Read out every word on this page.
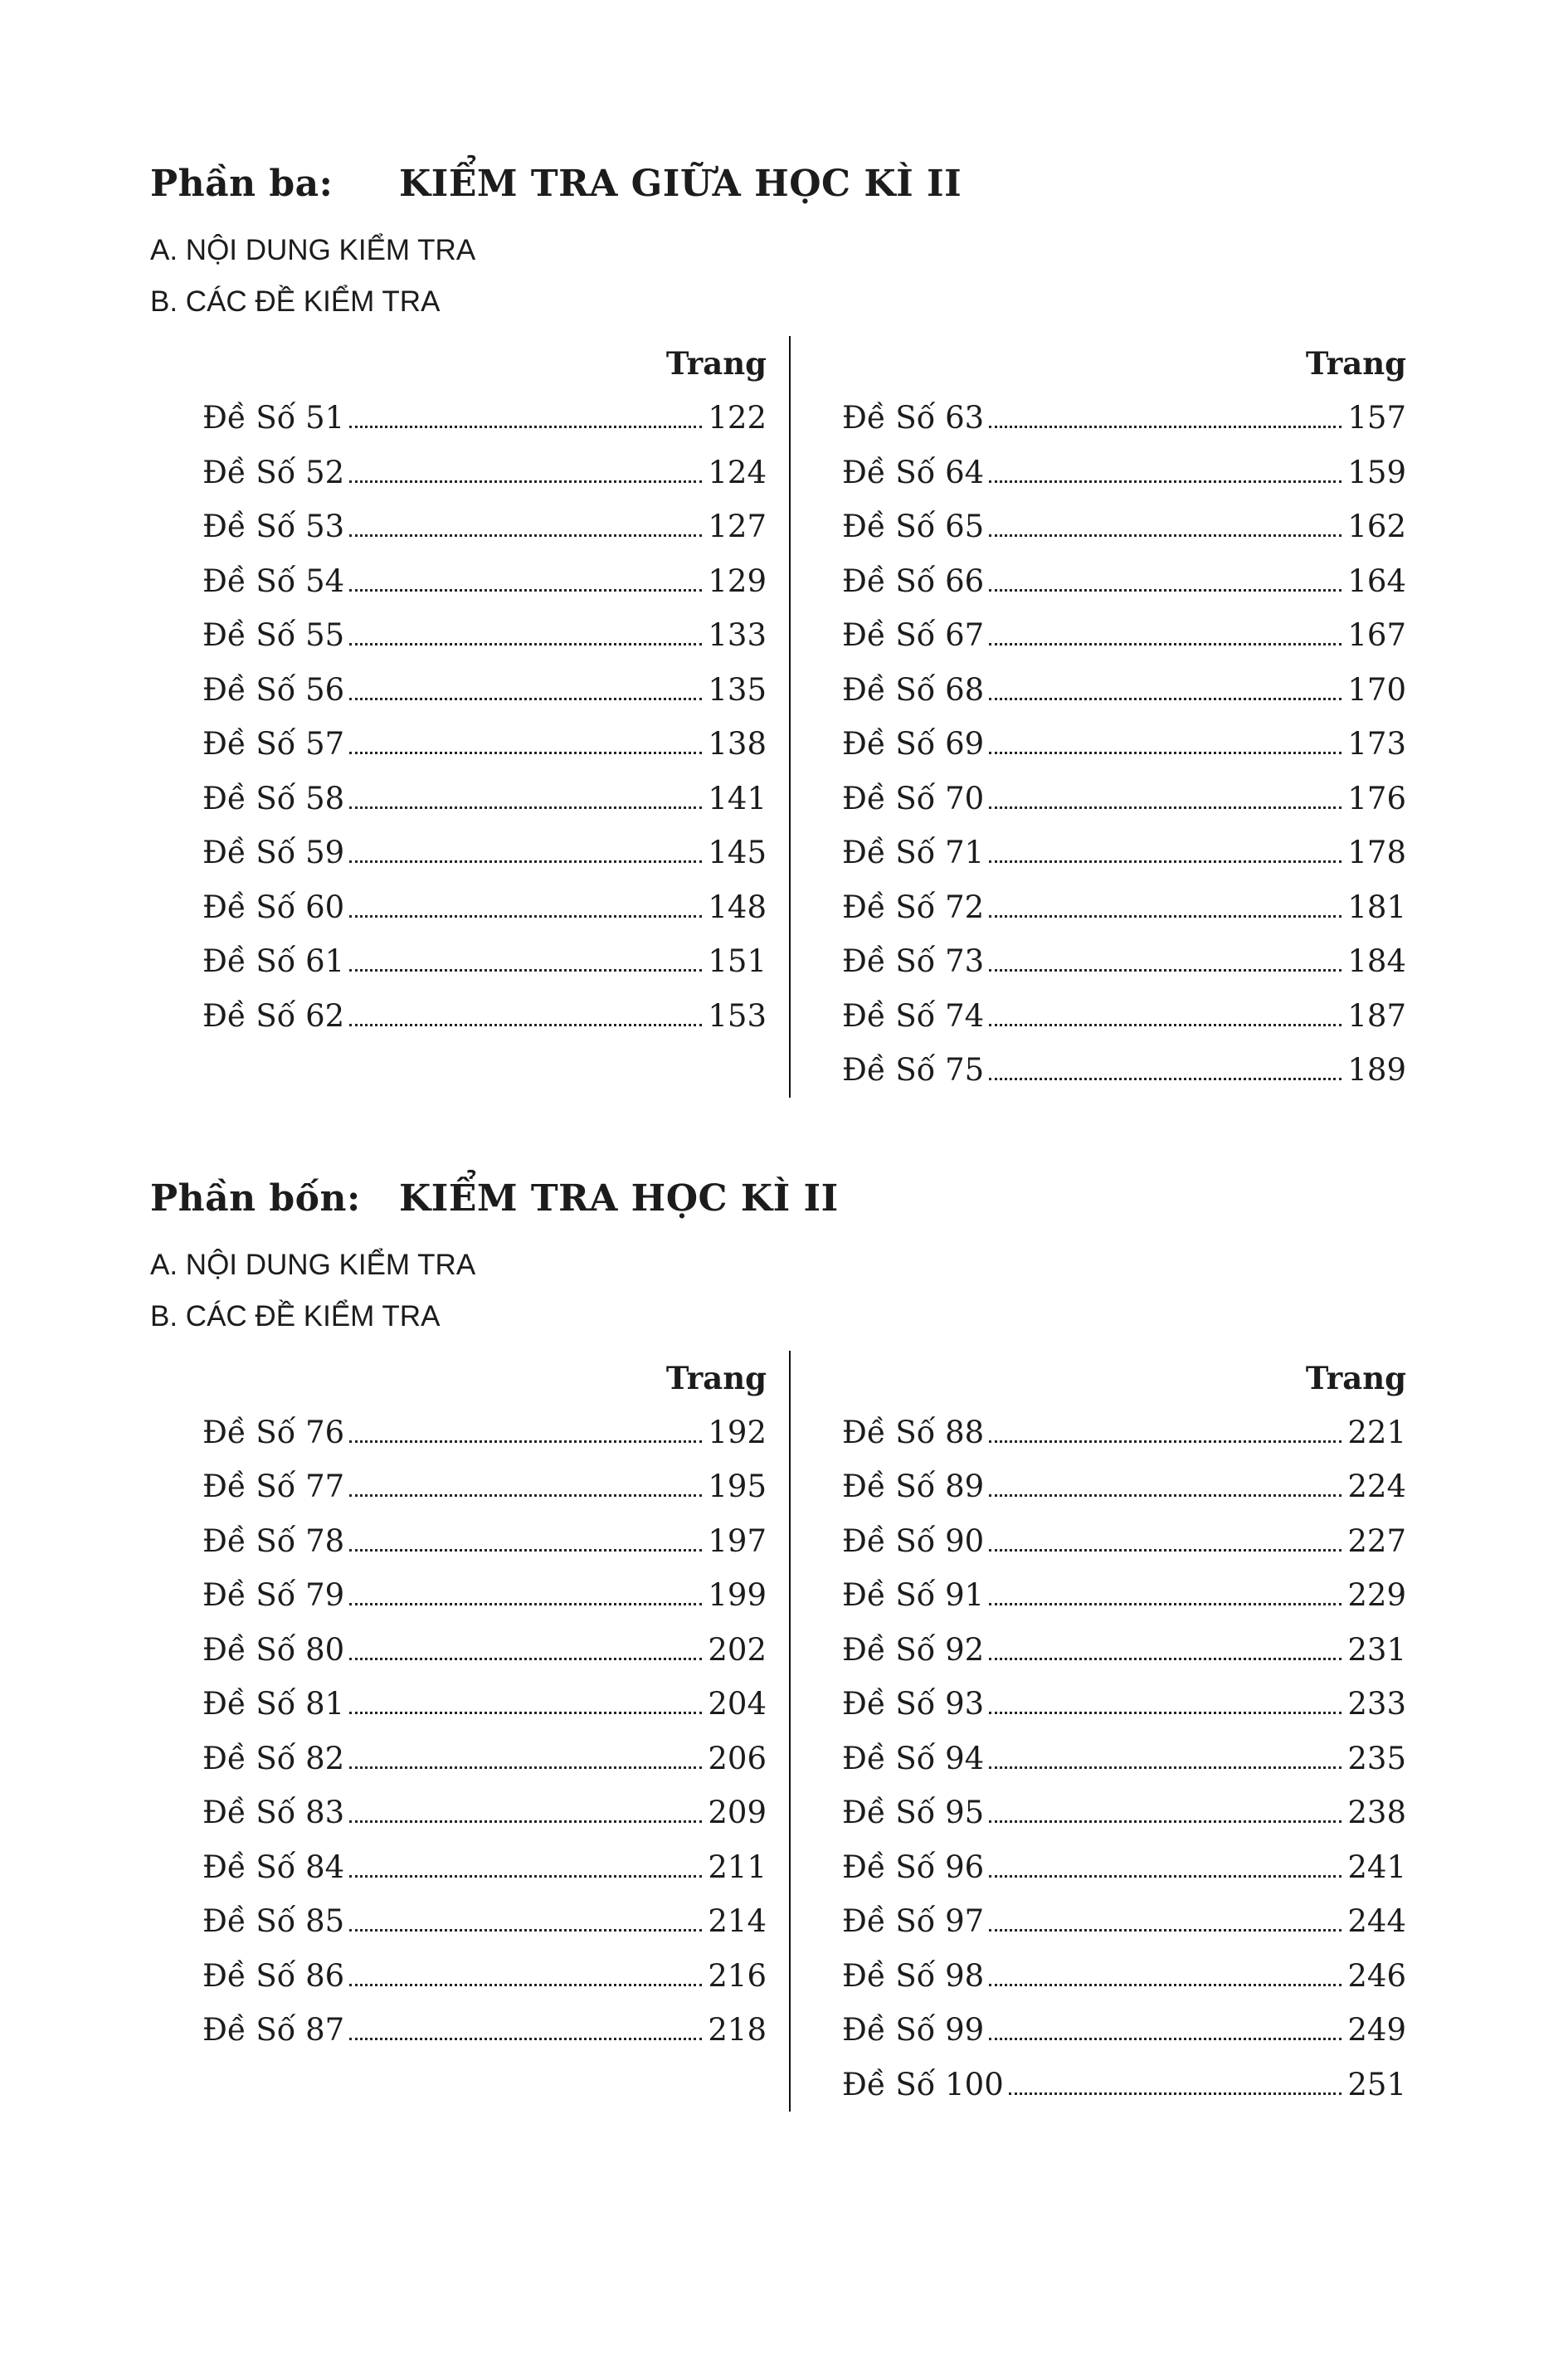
Phần ba: KIỂM TRA GIỮA HỌC KÌ II

A. NỘI DUNG KIỂM TRA

B. CÁC ĐỀ KIỂM TRA

Trang
Đề Số 51	122
Đề Số 52	124
Đề Số 53	127
Đề Số 54	129
Đề Số 55	133
Đề Số 56	135
Đề Số 57	138
Đề Số 58	141
Đề Số 59	145
Đề Số 60	148
Đề Số 61	151
Đề Số 62	153
Trang
Đề Số 63	157
Đề Số 64	159
Đề Số 65	162
Đề Số 66	164
Đề Số 67	167
Đề Số 68	170
Đề Số 69	173
Đề Số 70	176
Đề Số 71	178
Đề Số 72	181
Đề Số 73	184
Đề Số 74	187
Đề Số 75	189
Phần bốn: KIỂM TRA HỌC KÌ II

A. NỘI DUNG KIỂM TRA

B. CÁC ĐỀ KIỂM TRA

Trang
Đề Số 76	192
Đề Số 77	195
Đề Số 78	197
Đề Số 79	199
Đề Số 80	202
Đề Số 81	204
Đề Số 82	206
Đề Số 83	209
Đề Số 84	211
Đề Số 85	214
Đề Số 86	216
Đề Số 87	218
Trang
Đề Số 88	221
Đề Số 89	224
Đề Số 90	227
Đề Số 91	229
Đề Số 92	231
Đề Số 93	233
Đề Số 94	235
Đề Số 95	238
Đề Số 96	241
Đề Số 97	244
Đề Số 98	246
Đề Số 99	249
Đề Số 100	251
